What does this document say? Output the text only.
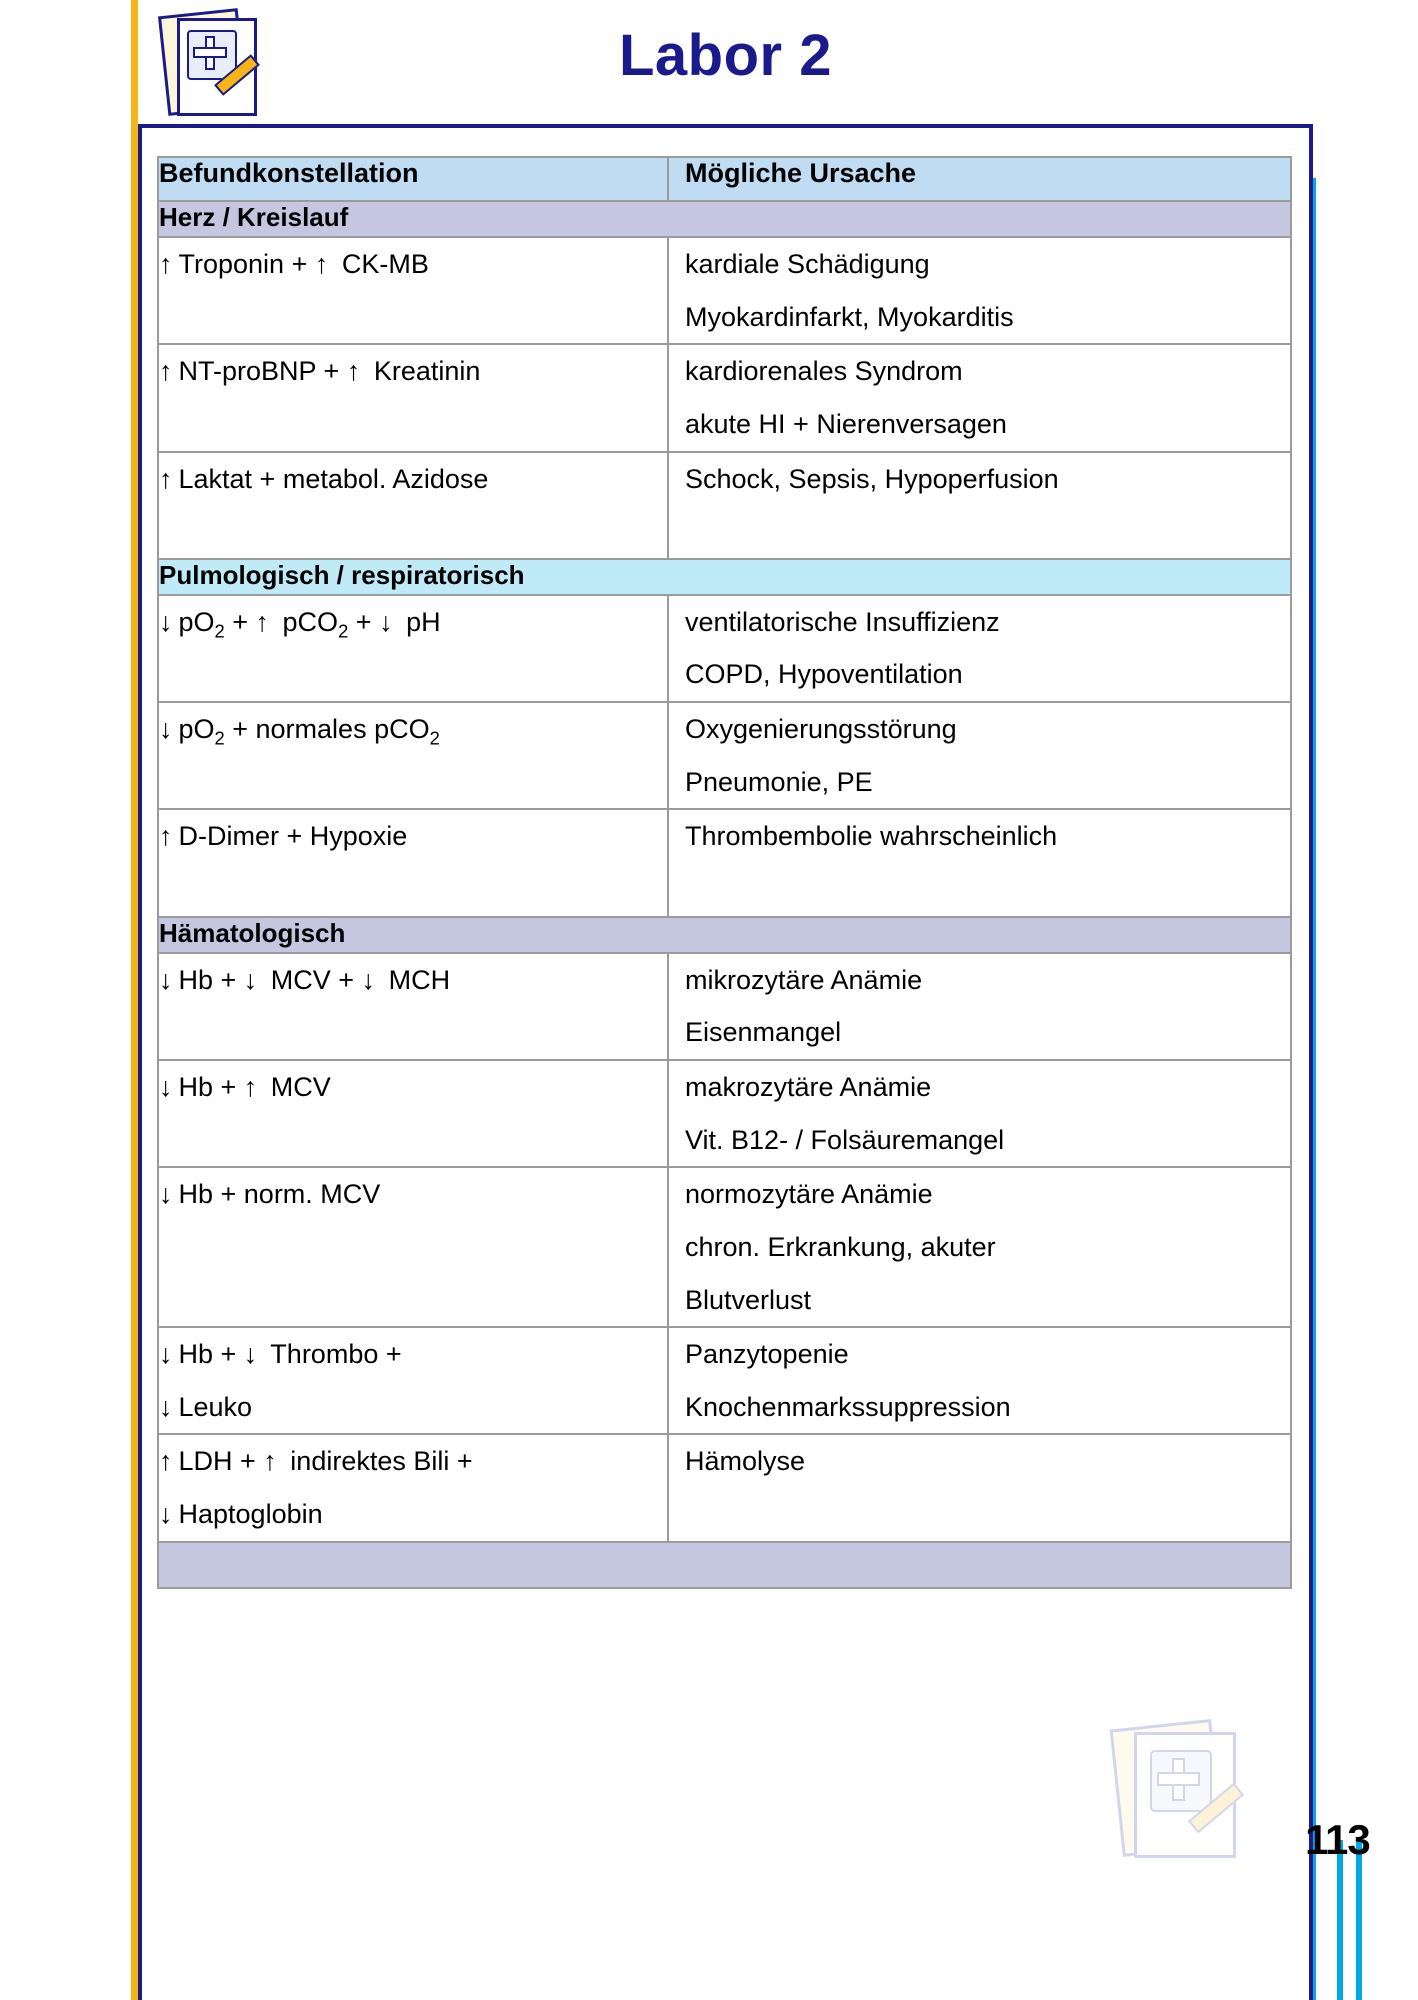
Labor 2
Befundkonstellation	Mögliche Ursache
Herz / Kreislauf	

↑ Troponin + ↑ CK-MB	kardiale Schädigung
Myokardinfarkt, Myokarditis

↑ NT-proBNP + ↑ Kreatinin	kardiorenales Syndrom
akute HI + Nierenversagen

↑ Laktat + metabol. Azidose	Schock, Sepsis, Hypoperfusion

Pulmologisch / respiratorisch	

↓ $pO_2$ + ↑ pCO$_2$ + ↓ pH	ventilatorische Insuffizienz
COPD, Hypoventilation

↓ $pO_2$ + normales pCO$_2$	Oxygenierungsstörung
Pneumonie, PE

↑ D-Dimer + Hypoxie	Thrombembolie wahrscheinlich

Hämatologisch	

↓ Hb + ↓ MCV + ↓ MCH	mikrozytäre Anämie
Eisenmangel

↓ Hb + ↑ MCV	makrozytäre Anämie
Vit. B12- / Folsäuremangel

↓ Hb + norm. MCV	normozytäre Anämie
chron. Erkrankung, akuter
Blutverlust

↓ Hb + ↓ Thrombo +
↓ Leuko	Panzytopenie
Knochenmarkssuppression

↑ LDH + ↑ indirektes Bili +
↓ Haptoglobin	Hämolyse

113
